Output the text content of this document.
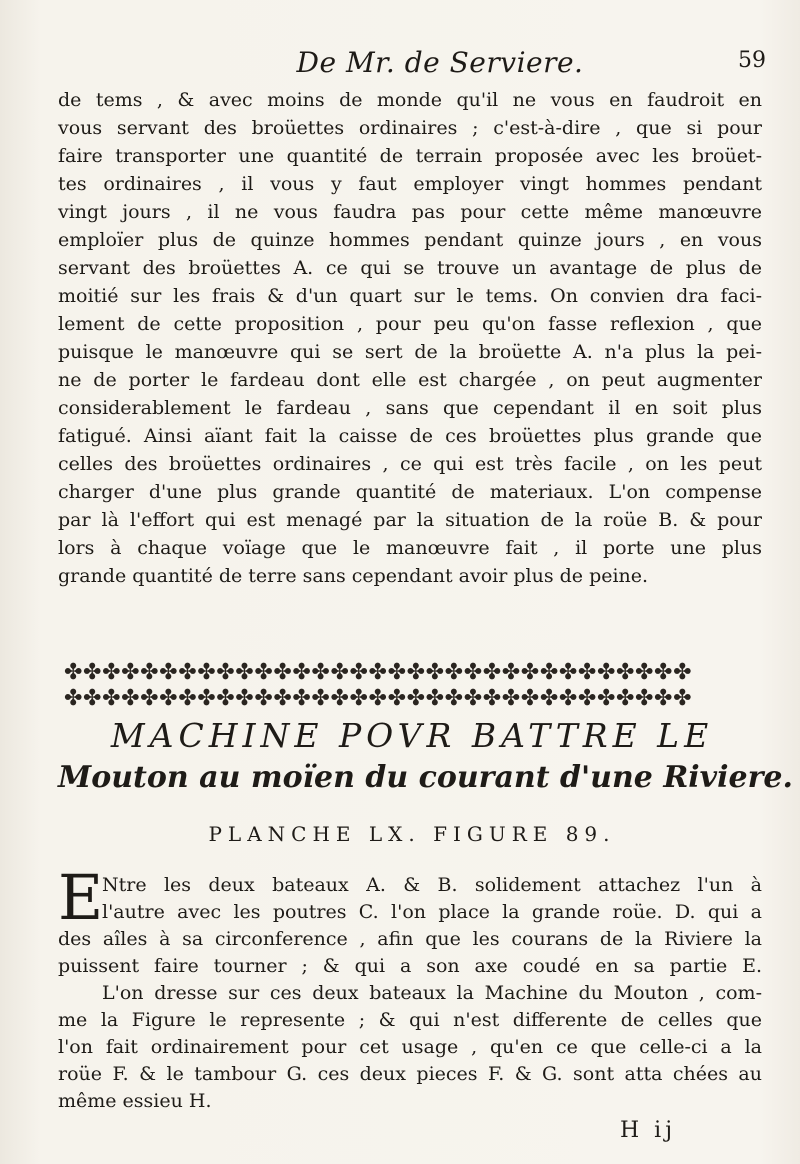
De Mr. de Serviere.	59
de tems , & avec moins de monde qu'il ne vous en faudroit en
vous servant des broüettes ordinaires ; c'est-à-dire , que si pour
faire transporter une quantité de terrain proposée avec les broüet-
tes ordinaires , il vous y faut employer vingt hommes pendant
vingt jours , il ne vous faudra pas pour cette même manœuvre
emploïer plus de quinze hommes pendant quinze jours , en vous
servant des broüettes A. ce qui se trouve un avantage de plus de
moitié sur les frais & d'un quart sur le tems. On convien dra faci-
lement de cette proposition , pour peu qu'on fasse reflexion , que
puisque le manœuvre qui se sert de la broüette A. n'a plus la pei-
ne de porter le fardeau dont elle est chargée , on peut augmenter
considerablement le fardeau , sans que cependant il en soit plus
fatigué. Ainsi aïant fait la caisse de ces broüettes plus grande que
celles des broüettes ordinaires , ce qui est très facile , on les peut
charger d'une plus grande quantité de materiaux. L'on compense
par là l'effort qui est menagé par la situation de la roüe B. & pour
lors à chaque voïage que le manœuvre fait , il porte une plus
grande quantité de terre sans cependant avoir plus de peine.
✤✤✤✤✤✤✤✤✤✤✤✤✤✤✤✤✤✤✤✤✤✤✤✤✤✤✤✤✤✤✤✤✤
✤✤✤✤✤✤✤✤✤✤✤✤✤✤✤✤✤✤✤✤✤✤✤✤✤✤✤✤✤✤✤✤✤
MACHINE POVR BATTRE LE
Mouton au moïen du courant d'une Riviere.
PLANCHE LX. FIGURE 89.
E
Ntre les deux bateaux A. & B. solidement attachez l'un à
l'autre avec les poutres C. l'on place la grande roüe. D. qui a
des aîles à sa circonference , afin que les courans de la Riviere la
puissent faire tourner ; & qui a son axe coudé en sa partie E.
L'on dresse sur ces deux bateaux la Machine du Mouton , com-
me la Figure le represente ; & qui n'est differente de celles que
l'on fait ordinairement pour cet usage , qu'en ce que celle-ci a la
roüe F. & le tambour G. ces deux pieces F. & G. sont atta chées au
même essieu H.
H ij
